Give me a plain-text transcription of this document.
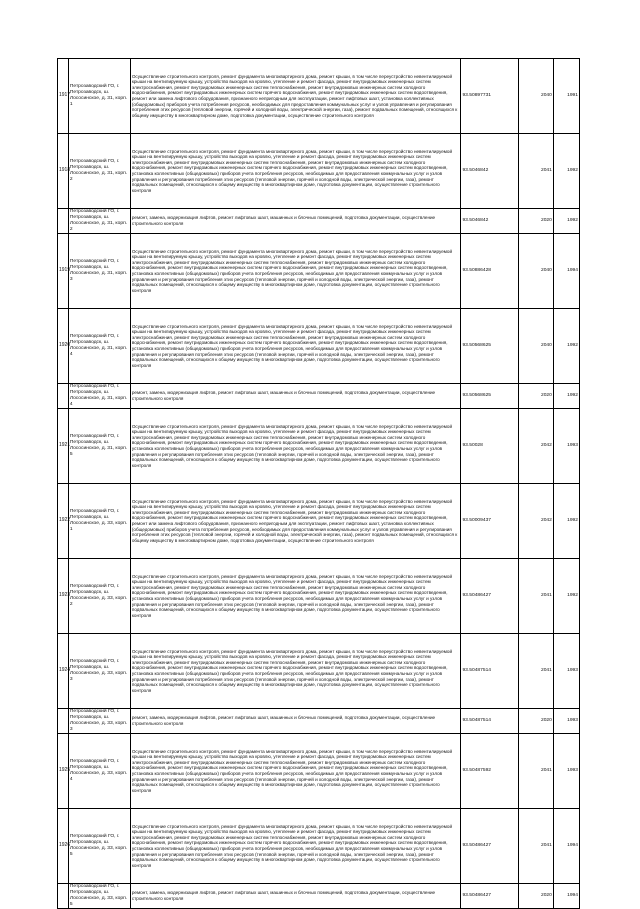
1917	Петрозаводский ГО, г. Петрозаводск, ш. Лососинское, д. 31, корп. 1	Осуществление строительного контроля, ремонт фундамента многоквартирного дома, ремонт крыши, в том числе переустройство невентилируемой крыши на вентилируемую крышу, устройство выходов на кровлю, утепление и ремонт фасада, ремонт внутридомовых инженерных систем электроснабжения, ремонт внутридомовых инженерных систем теплоснабжения, ремонт внутридомовых инженерных систем холодного водоснабжения, ремонт внутридомовых инженерных систем горячего водоснабжения, ремонт внутридомовых инженерных систем водоотведения, ремонт или замена лифтового оборудования, признанного непригодным для эксплуатации, ремонт лифтовых шахт, установка коллективных (общедомовых) приборов учета потребления ресурсов, необходимых для предоставления коммунальных услуг и узлов управления и регулирования потребления этих ресурсов (тепловой энергии, горячей и холодной воды, электрической энергии, газа), ремонт подвальных помещений, относящихся к общему имуществу в многоквартирном доме, подготовка документации, осуществление строительного контроля	93.50897731	2040	1991
1918	Петрозаводский ГО, г. Петрозаводск, ш. Лососинское, д. 31, корп. 2	Осуществление строительного контроля, ремонт фундамента многоквартирного дома, ремонт крыши, в том числе переустройство невентилируемой крыши на вентилируемую крышу, устройство выходов на кровлю, утепление и ремонт фасада, ремонт внутридомовых инженерных систем электроснабжения, ремонт внутридомовых инженерных систем теплоснабжения, ремонт внутридомовых инженерных систем холодного водоснабжения, ремонт внутридомовых инженерных систем горячего водоснабжения, ремонт внутридомовых инженерных систем водоотведения, установка коллективных (общедомовых) приборов учета потребления ресурсов, необходимых для предоставления коммунальных услуг и узлов управления и регулирования потребления этих ресурсов (тепловой энергии, горячей и холодной воды, электрической энергии, газа), ремонт подвальных помещений, относящихся к общему имуществу в многоквартирном доме, подготовка документации, осуществление строительного контроля	93.5046842	2041	1992
	Петрозаводский ГО, г. Петрозаводск, ш. Лососинское, д. 31, корп. 2	ремонт, замена, модернизация лифтов, ремонт лифтовых шахт, машинных и блочных помещений, подготовка документации, осуществление строительного контроля	93.5046842	2020	1992
1919	Петрозаводский ГО, г. Петрозаводск, ш. Лососинское, д. 31, корп. 3	Осуществление строительного контроля, ремонт фундамента многоквартирного дома, ремонт крыши, в том числе переустройство невентилируемой крыши на вентилируемую крышу, устройство выходов на кровлю, утепление и ремонт фасада, ремонт внутридомовых инженерных систем электроснабжения, ремонт внутридомовых инженерных систем теплоснабжения, ремонт внутридомовых инженерных систем холодного водоснабжения, ремонт внутридомовых инженерных систем горячего водоснабжения, ремонт внутридомовых инженерных систем водоотведения, установка коллективных (общедомовых) приборов учета потребления ресурсов, необходимых для предоставления коммунальных услуг и узлов управления и регулирования потребления этих ресурсов (тепловой энергии, горячей и холодной воды, электрической энергии, газа), ремонт подвальных помещений, относящихся к общему имуществу в многоквартирном доме, подготовка документации, осуществление строительного контроля	93.50886428	2040	1994
1920	Петрозаводский ГО, г. Петрозаводск, ш. Лососинское, д. 31, корп. 4	Осуществление строительного контроля, ремонт фундамента многоквартирного дома, ремонт крыши, в том числе переустройство невентилируемой крыши на вентилируемую крышу, устройство выходов на кровлю, утепление и ремонт фасада, ремонт внутридомовых инженерных систем электроснабжения, ремонт внутридомовых инженерных систем теплоснабжения, ремонт внутридомовых инженерных систем холодного водоснабжения, ремонт внутридомовых инженерных систем горячего водоснабжения, ремонт внутридомовых инженерных систем водоотведения, установка коллективных (общедомовых) приборов учета потребления ресурсов, необходимых для предоставления коммунальных услуг и узлов управления и регулирования потребления этих ресурсов (тепловой энергии, горячей и холодной воды, электрической энергии, газа), ремонт подвальных помещений, относящихся к общему имуществу в многоквартирном доме, подготовка документации, осуществление строительного контроля	93.50568625	2040	1992
	Петрозаводский ГО, г. Петрозаводск, ш. Лососинское, д. 31, корп. 4	ремонт, замена, модернизация лифтов, ремонт лифтовых шахт, машинных и блочных помещений, подготовка документации, осуществление строительного контроля	93.50568625	2020	1992
1921	Петрозаводский ГО, г. Петрозаводск, ш. Лососинское, д. 31, корп. 5	Осуществление строительного контроля, ремонт фундамента многоквартирного дома, ремонт крыши, в том числе переустройство невентилируемой крыши на вентилируемую крышу, устройство выходов на кровлю, утепление и ремонт фасада, ремонт внутридомовых инженерных систем электроснабжения, ремонт внутридомовых инженерных систем теплоснабжения, ремонт внутридомовых инженерных систем холодного водоснабжения, ремонт внутридомовых инженерных систем горячего водоснабжения, ремонт внутридомовых инженерных систем водоотведения, установка коллективных (общедомовых) приборов учета потребления ресурсов, необходимых для предоставления коммунальных услуг и узлов управления и регулирования потребления этих ресурсов (тепловой энергии, горячей и холодной воды, электрической энергии, газа), ремонт подвальных помещений, относящихся к общему имуществу в многоквартирном доме, подготовка документации, осуществление строительного контроля	93.50028	2042	1993
1922	Петрозаводский ГО, г. Петрозаводск, ш. Лососинское, д. 33, корп. 1	Осуществление строительного контроля, ремонт фундамента многоквартирного дома, ремонт крыши, в том числе переустройство невентилируемой крыши на вентилируемую крышу, устройство выходов на кровлю, утепление и ремонт фасада, ремонт внутридомовых инженерных систем электроснабжения, ремонт внутридомовых инженерных систем теплоснабжения, ремонт внутридомовых инженерных систем холодного водоснабжения, ремонт внутридомовых инженерных систем горячего водоснабжения, ремонт внутридомовых инженерных систем водоотведения, ремонт или замена лифтового оборудования, признанного непригодным для эксплуатации, ремонт лифтовых шахт, установка коллективных (общедомовых) приборов учета потребления ресурсов, необходимых для предоставления коммунальных услуг и узлов управления и регулирования потребления этих ресурсов (тепловой энергии, горячей и холодной воды, электрической энергии, газа), ремонт подвальных помещений, относящихся к общему имуществу в многоквартирном доме, подготовка документации, осуществление строительного контроля	93.50009437	2042	1992
1923	Петрозаводский ГО, г. Петрозаводск, ш. Лососинское, д. 33, корп. 2	Осуществление строительного контроля, ремонт фундамента многоквартирного дома, ремонт крыши, в том числе переустройство невентилируемой крыши на вентилируемую крышу, устройство выходов на кровлю, утепление и ремонт фасада, ремонт внутридомовых инженерных систем электроснабжения, ремонт внутридомовых инженерных систем теплоснабжения, ремонт внутридомовых инженерных систем холодного водоснабжения, ремонт внутридомовых инженерных систем горячего водоснабжения, ремонт внутридомовых инженерных систем водоотведения, установка коллективных (общедомовых) приборов учета потребления ресурсов, необходимых для предоставления коммунальных услуг и узлов управления и регулирования потребления этих ресурсов (тепловой энергии, горячей и холодной воды, электрической энергии, газа), ремонт подвальных помещений, относящихся к общему имуществу в многоквартирном доме, подготовка документации, осуществление строительного контроля	93.50486427	2041	1992
1924	Петрозаводский ГО, г. Петрозаводск, ш. Лососинское, д. 33, корп. 3	Осуществление строительного контроля, ремонт фундамента многоквартирного дома, ремонт крыши, в том числе переустройство невентилируемой крыши на вентилируемую крышу, устройство выходов на кровлю, утепление и ремонт фасада, ремонт внутридомовых инженерных систем электроснабжения, ремонт внутридомовых инженерных систем теплоснабжения, ремонт внутридомовых инженерных систем холодного водоснабжения, ремонт внутридомовых инженерных систем горячего водоснабжения, ремонт внутридомовых инженерных систем водоотведения, установка коллективных (общедомовых) приборов учета потребления ресурсов, необходимых для предоставления коммунальных услуг и узлов управления и регулирования потребления этих ресурсов (тепловой энергии, горячей и холодной воды, электрической энергии, газа), ремонт подвальных помещений, относящихся к общему имуществу в многоквартирном доме, подготовка документации, осуществление строительного контроля	93.50487514	2041	1993
	Петрозаводский ГО, г. Петрозаводск, ш. Лососинское, д. 33, корп. 3	ремонт, замена, модернизация лифтов, ремонт лифтовых шахт, машинных и блочных помещений, подготовка документации, осуществление строительного контроля	93.50487514	2020	1993
1925	Петрозаводский ГО, г. Петрозаводск, ш. Лососинское, д. 33, корп. 4	Осуществление строительного контроля, ремонт фундамента многоквартирного дома, ремонт крыши, в том числе переустройство невентилируемой крыши на вентилируемую крышу, устройство выходов на кровлю, утепление и ремонт фасада, ремонт внутридомовых инженерных систем электроснабжения, ремонт внутридомовых инженерных систем теплоснабжения, ремонт внутридомовых инженерных систем холодного водоснабжения, ремонт внутридомовых инженерных систем горячего водоснабжения, ремонт внутридомовых инженерных систем водоотведения, установка коллективных (общедомовых) приборов учета потребления ресурсов, необходимых для предоставления коммунальных услуг и узлов управления и регулирования потребления этих ресурсов (тепловой энергии, горячей и холодной воды, электрической энергии, газа), ремонт подвальных помещений, относящихся к общему имуществу в многоквартирном доме, подготовка документации, осуществление строительного контроля	93.50487592	2041	1993
1926	Петрозаводский ГО, г. Петрозаводск, ш. Лососинское, д. 33, корп. 5	Осуществление строительного контроля, ремонт фундамента многоквартирного дома, ремонт крыши, в том числе переустройство невентилируемой крыши на вентилируемую крышу, устройство выходов на кровлю, утепление и ремонт фасада, ремонт внутридомовых инженерных систем электроснабжения, ремонт внутридомовых инженерных систем теплоснабжения, ремонт внутридомовых инженерных систем холодного водоснабжения, ремонт внутридомовых инженерных систем горячего водоснабжения, ремонт внутридомовых инженерных систем водоотведения, установка коллективных (общедомовых) приборов учета потребления ресурсов, необходимых для предоставления коммунальных услуг и узлов управления и регулирования потребления этих ресурсов (тепловой энергии, горячей и холодной воды, электрической энергии, газа), ремонт подвальных помещений, относящихся к общему имуществу в многоквартирном доме, подготовка документации, осуществление строительного контроля	93.50486427	2041	1994
	Петрозаводский ГО, г. Петрозаводск, ш. Лососинское, д. 33, корп. 5	ремонт, замена, модернизация лифтов, ремонт лифтовых шахт, машинных и блочных помещений, подготовка документации, осуществление строительного контроля	93.50486427	2020	1994
